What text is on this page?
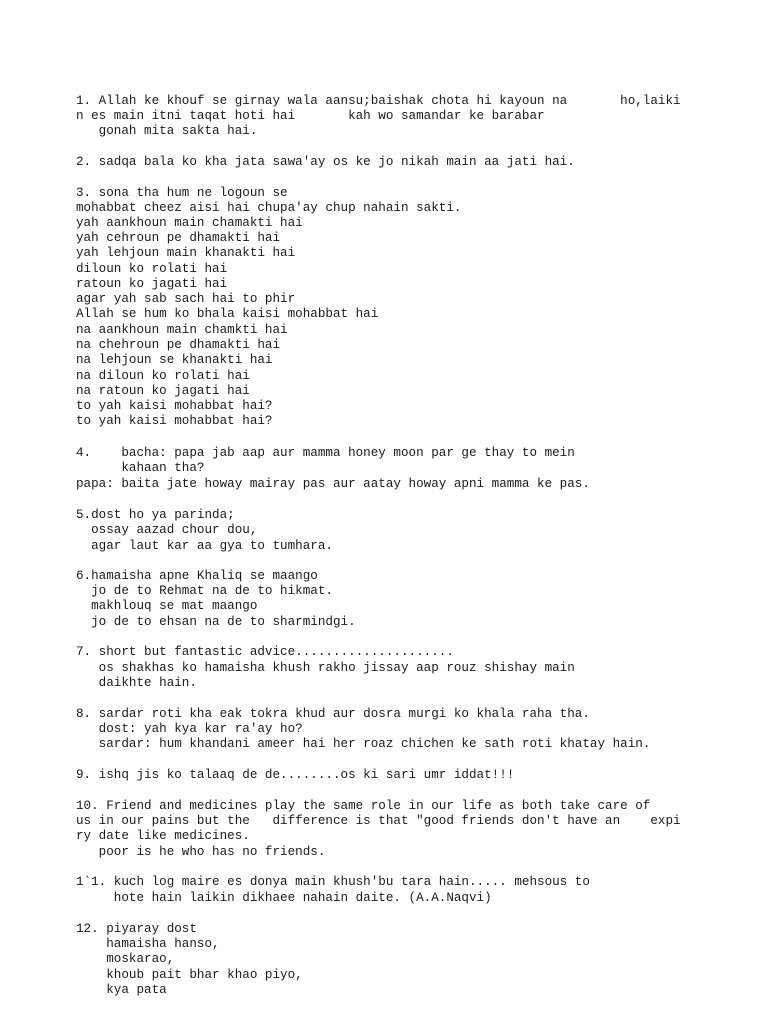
1. Allah ke khouf se girnay wala aansu;baishak chota hi kayoun na       ho,laiki

n es main itni taqat hoti hai       kah wo samandar ke barabar

gonah mita sakta hai.

2. sadqa bala ko kha jata sawa'ay os ke jo nikah main aa jati hai.

3. sona tha hum ne logoun se

mohabbat cheez aisi hai chupa'ay chup nahain sakti.

yah aankhoun main chamakti hai

yah cehroun pe dhamakti hai

yah lehjoun main khanakti hai

diloun ko rolati hai

ratoun ko jagati hai

agar yah sab sach hai to phir

Allah se hum ko bhala kaisi mohabbat hai

na aankhoun main chamkti hai

na chehroun pe dhamakti hai

na lehjoun se khanakti hai

na diloun ko rolati hai

na ratoun ko jagati hai

to yah kaisi mohabbat hai?

to yah kaisi mohabbat hai?

4.    bacha: papa jab aap aur mamma honey moon par ge thay to mein

kahaan tha?

papa: baita jate howay mairay pas aur aatay howay apni mamma ke pas.

5.dost ho ya parinda;

ossay aazad chour dou,

agar laut kar aa gya to tumhara.

6.hamaisha apne Khaliq se maango

jo de to Rehmat na de to hikmat.

makhlouq se mat maango

jo de to ehsan na de to sharmindgi.

7. short but fantastic advice.....................

os shakhas ko hamaisha khush rakho jissay aap rouz shishay main

daikhte hain.

8. sardar roti kha eak tokra khud aur dosra murgi ko khala raha tha.

dost: yah kya kar ra'ay ho?

sardar: hum khandani ameer hai her roaz chichen ke sath roti khatay hain.

9. ishq jis ko talaaq de de........os ki sari umr iddat!!!

10. Friend and medicines play the same role in our life as both take care of

us in our pains but the   difference is that "good friends don't have an    expi

ry date like medicines.

poor is he who has no friends.

1`1. kuch log maire es donya main khush'bu tara hain..... mehsous to

hote hain laikin dikhaee nahain daite. (A.A.Naqvi)

12. piyaray dost

hamaisha hanso,

moskarao,

khoub pait bhar khao piyo,

kya pata
